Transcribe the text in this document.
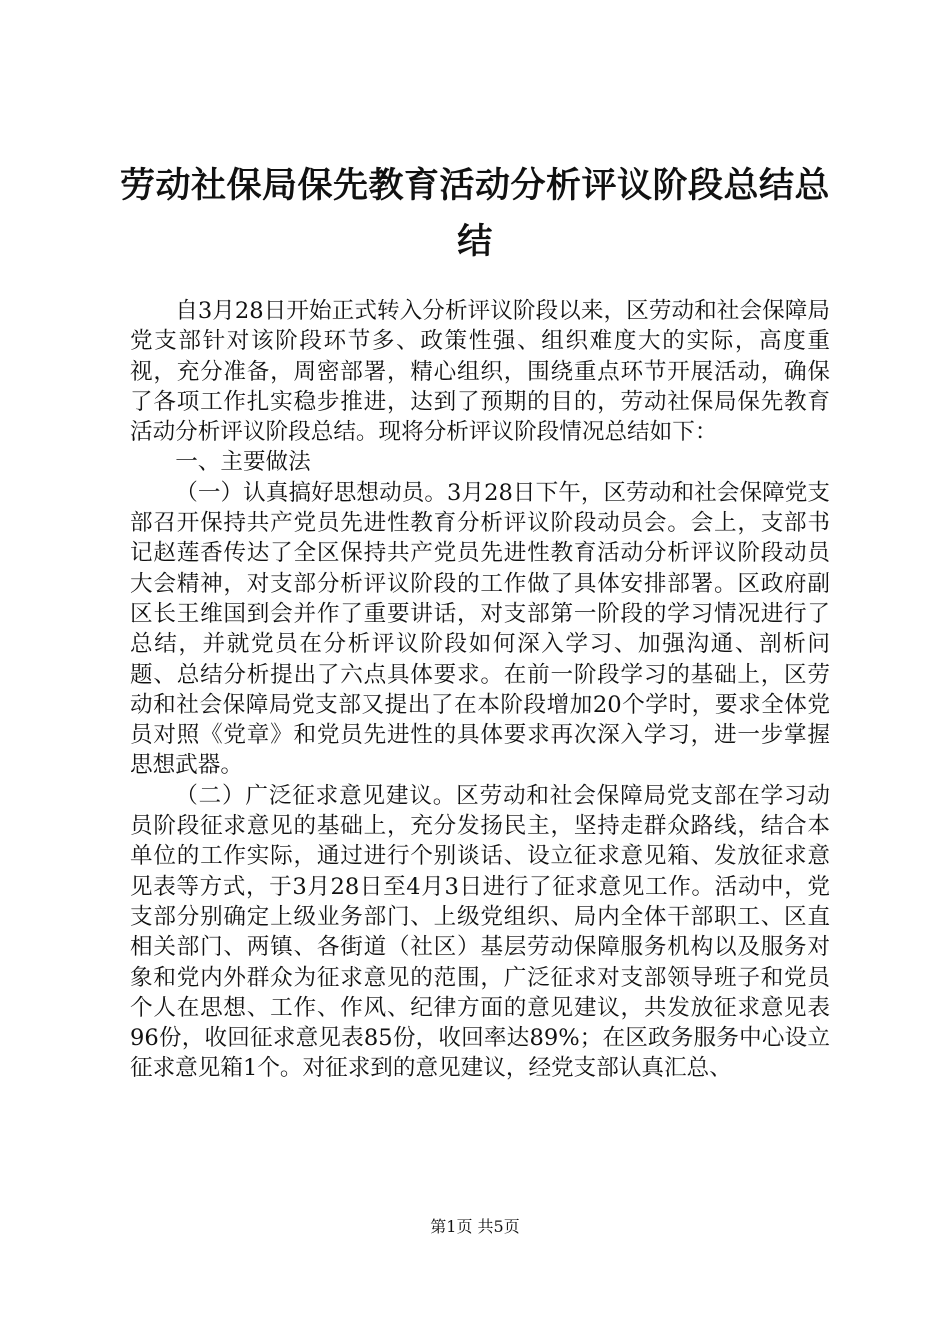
劳动社保局保先教育活动分析评议阶段总结总结

自3月28日开始正式转入分析评议阶段以来，区劳动和社会保障局党支部针对该阶段环节多、政策性强、组织难度大的实际，高度重视，充分准备，周密部署，精心组织，围绕重点环节开展活动，确保了各项工作扎实稳步推进，达到了预期的目的，劳动社保局保先教育活动分析评议阶段总结。现将分析评议阶段情况总结如下：

一、主要做法

（一）认真搞好思想动员。3月28日下午，区劳动和社会保障党支部召开保持共产党员先进性教育分析评议阶段动员会。会上，支部书记赵莲香传达了全区保持共产党员先进性教育活动分析评议阶段动员大会精神，对支部分析评议阶段的工作做了具体安排部署。区政府副区长王维国到会并作了重要讲话，对支部第一阶段的学习情况进行了总结，并就党员在分析评议阶段如何深入学习、加强沟通、剖析问题、总结分析提出了六点具体要求。在前一阶段学习的基础上，区劳动和社会保障局党支部又提出了在本阶段增加20个学时，要求全体党员对照《党章》和党员先进性的具体要求再次深入学习，进一步掌握思想武器。

（二）广泛征求意见建议。区劳动和社会保障局党支部在学习动员阶段征求意见的基础上，充分发扬民主，坚持走群众路线，结合本单位的工作实际，通过进行个别谈话、设立征求意见箱、发放征求意见表等方式，于3月28日至4月3日进行了征求意见工作。活动中，党支部分别确定上级业务部门、上级党组织、局内全体干部职工、区直相关部门、两镇、各街道（社区）基层劳动保障服务机构以及服务对象和党内外群众为征求意见的范围，广泛征求对支部领导班子和党员个人在思想、工作、作风、纪律方面的意见建议，共发放征求意见表96份，收回征求意见表85份，收回率达89%；在区政务服务中心设立征求意见箱1个。对征求到的意见建议，经党支部认真汇总、

第1页 共5页
